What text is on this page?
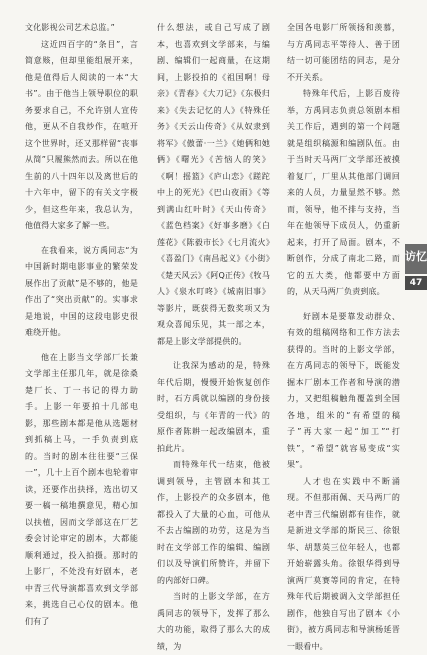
文化影视公司艺术总监。”

这近四百字的“条目”，言简意赅，但却里能组展开来，他是值得后人阅读的一本“大书”。由于他当上领导职位的职务要求自己，不允许别人宣传他，更从不自我炒作，在喧开这个世界时，还又那样留“丧事从简”只履熊然而去。所以在他生前的八十四年以及离世后的十六年中，留下的有关文字极少，但这些年来，我总认为，他值得大家多了解一些。

在我看来，说方禹同志“为中国新时期电影事业的繁荣发展作出了贡献”是不够的，他是作出了“突出贡献”的。实事求是地说，中国的这段电影史很难绕开他。

他在上影当文学部厂长兼文学部主任那几年，就是徐桑楚厂长、丁一书记的得力助手。上影一年要拍十几部电影，那些剧本都是他从选题材到抓稿上马，一手负责到底的。当时的剧本往往要“三保一”，几十上百个剧本也轮着审读，还要作出抉择，选出切又要一稿一稿地撰意见，精心加以扶植，因而文学部这在厂艺委会讨论审定的剧本，大都能顺利通过，投入拍摄。那时的上影厂，不处没有好剧本，老中青三代导演都喜欢到文学部来，挑选自己心仪的剧本。他们有了

什么想法，或自己写成了剧本，也喜欢到文学部来，与编剧、编辑们一起商量，在这期间，上影投拍的《祖国啊！母亲》《青春》《大刀记》《东极归来》《失去记忆的人》《特殊任务》《天云山传奇》《从奴隶到将军》《傲蕾·一兰》《她俩和她俩》《曙光》《苦恼人的笑》《啊！摇篮》《庐山恋》《蹉跎中上的死光》《巴山夜雨》《等到满山红叶时》《天山传奇》《蓝色档案》《好事多磨》《白莲花》《陈毅市长》《七月流火》《喜盈门》《南昌起义》《小街》《楚天风云》《阿Q正传》《牧马人》《泉水叮咚》《城南旧事》等影片，既获得无数奖项又为观众喜闻乐见，其一部之本，都是上影文学部提供的。

让我深为感动的是，特殊年代后期，慢慢开始恢复创作时，石方禹就以编剧的身份接受组织，与《年青的一代》的原作者陈耕一起改编剧本，重拍此片。

而特殊年代一结束，他被调到领导，主管剧本和其工作，上影投产的众多剧本，他都投入了大量的心血，可他从不去占编剧的功劳，这是为当时在文学部工作的编辑、编剧们以及导演们所赞许，并留下的内部好口碑。

当时的上影文学部，在方禹同志的领导下，发挥了那么大的功能，取得了那么大的成绩，为

全国各电影厂所领扬和羡慕，与方禹同志平等待人、善于团结一切可能团结的同志，是分不开关系。

特殊年代后，上影百废待举，方禹同志负责总领剧本相关工作后，遇到的第一个问题就是组织稿源和编剧队伍。由于当时天马两厂文学部还被摸着复厂，厂里从其他部门调回来的人员，力量显然不够。然而，领导，他不排与支持，当年在他领导下成员人，仍重新起来，打开了局面。剧本，不断创作，分成了南北二路，而它的五大类，他都要中方面的，从天马两厂负责到底。

好剧本是要靠发动群众、有效的组稿网络和工作方法去获得的。当时的上影文学部，在方禹同志的领导下，既能发掘本厂剧本工作者和导演的潜力，又把组稿触角覆盖到全国各地，组米的“有希望的稿子”再大家一起“加工”“打铁”，“希望”就容易变成“实果”。

人才也在实践中不断涌现。不但那雨佩、天马两厂的老中青三代编剧都有佳作，就是新进文学部的斯民三、徐银华、胡慧英三位年轻人，也都开始崭露头角。徐银华得到导演两厂莫赛等同的肯定，在特殊年代后期被调入文学部担任剧作，他独自写出了剧本《小街》，被方禹同志和导演杨延晋一眼看中。

访忆
47
